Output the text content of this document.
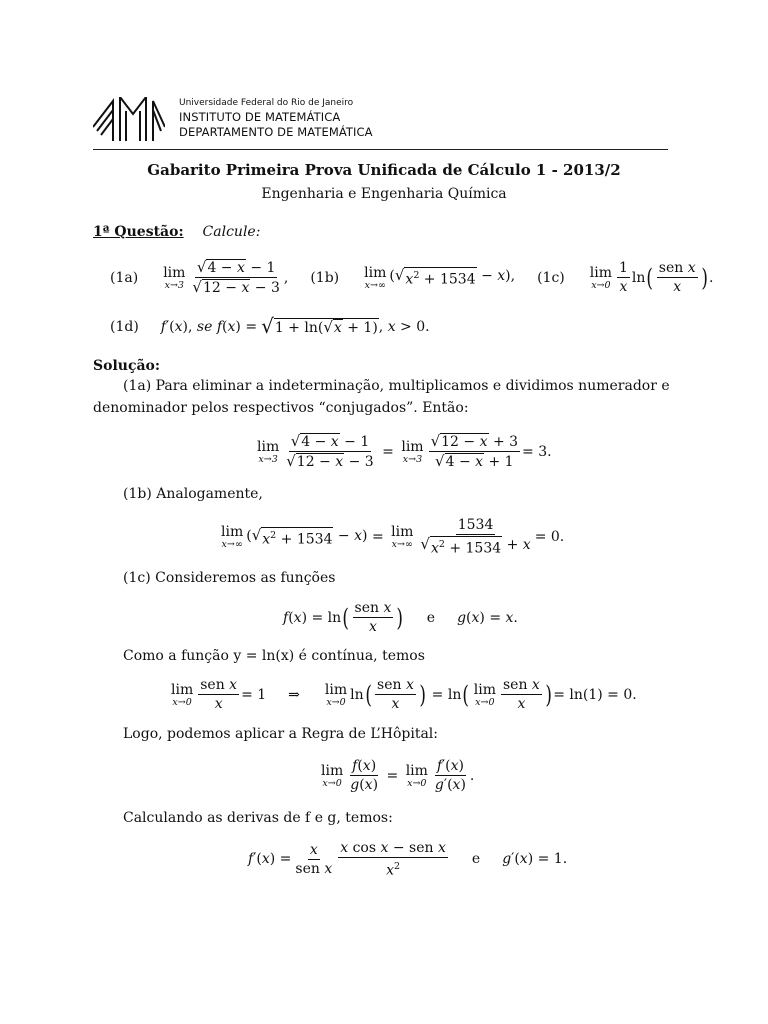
Universidade Federal do Rio de Janeiro
INSTITUTO DE MATEMÁTICA
DEPARTAMENTO DE MATEMÁTICA
Gabarito Primeira Prova Unificada de Cálculo 1 - 2013/2
Engenharia e Engenharia Química
1ª Questão: Calcule:
(1a) lim
$x\to 3 \frac{√ 4 - x - 1}{√ 12 - x - 3}$ , (1b) lim
x→∞
( √ $x^2 + 1534 - x$), (1c) lim
$x\to 0 \frac{1}{x}$ ln ( $\frac{\text{sen x}}{x}$ ) .
(1d) f′(x), se f(x) = √ 1 + ln( √ x + 1) , x > 0.
Solução:
(1a) Para eliminar a indeterminação, multiplicamos e dividimos numerador e
denominador pelos respectivos “conjugados”. Então:
lim
$x\to 3 \frac{√ 4 - x - 1}{√ 12 - x - 3} = \lim$
$x\to 3 \frac{√ 12 - x + 3}{√ 4 - x + 1} = 3$.
(1b) Analogamente,
lim
x→∞
( √ $x^2 + 1534 - x) = \lim$
$x\to\infty \frac{1534}{√ x^2 + 1534 + x} = 0$.
(1c) Consideremos as funções
f(x) =
ln ( $\frac{\text{sen x}}{x}$ ) e g(x) = x.
Como a função y = ln(x) é contínua, temos
lim
$x\to 0 \frac{\text{sen x}}{x} = 1$ ⇒ lim
x→0 ln ( $\frac{\text{sen x}}{x}$ ) = ln ( lim
$x\to 0 \frac{\text{sen x}}{x}$ ) = ln(1) = 0.
Logo, podemos aplicar a Regra de L’Hôpital:
lim
$x\to 0 \frac{f(x)}{g(x)} = \lim$
$x\to 0 \frac{f'(x)}{g'(x)}$ .
Calculando as derivas de f e g, temos:
$f'(x) = \frac{x}{\text{sen x}} \frac{\text{x cos x − sen x}}{x^2}$ e g′(x) = 1.
